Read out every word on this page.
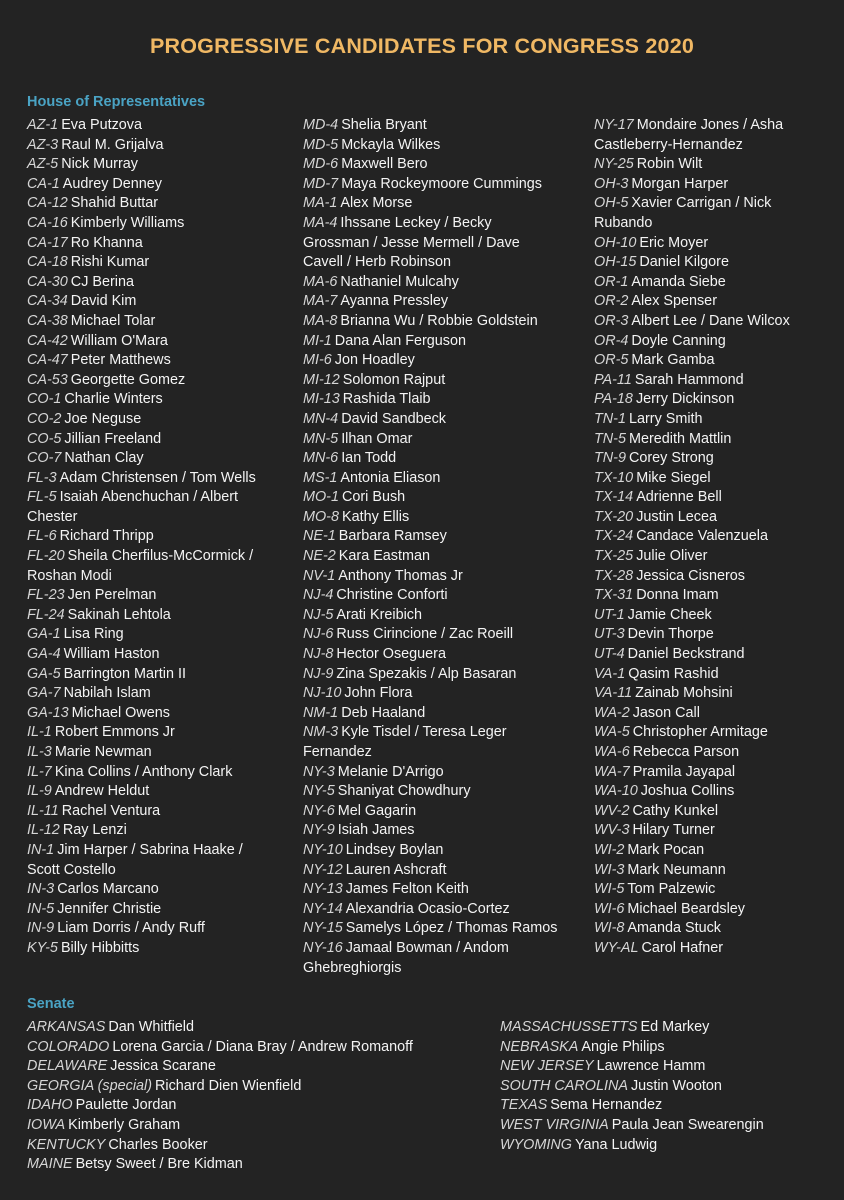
PROGRESSIVE CANDIDATES FOR CONGRESS 2020
House of Representatives
AZ-1 Eva Putzova
AZ-3 Raul M. Grijalva
AZ-5 Nick Murray
CA-1 Audrey Denney
CA-12 Shahid Buttar
CA-16 Kimberly Williams
CA-17 Ro Khanna
CA-18 Rishi Kumar
CA-30 CJ Berina
CA-34 David Kim
CA-38 Michael Tolar
CA-42 William O'Mara
CA-47 Peter Matthews
CA-53 Georgette Gomez
CO-1 Charlie Winters
CO-2 Joe Neguse
CO-5 Jillian Freeland
CO-7 Nathan Clay
FL-3 Adam Christensen / Tom Wells
FL-5 Isaiah Abenchuchan / Albert
Chester
FL-6 Richard Thripp
FL-20 Sheila Cherfilus-McCormick /
Roshan Modi
FL-23 Jen Perelman
FL-24 Sakinah Lehtola
GA-1 Lisa Ring
GA-4 William Haston
GA-5 Barrington Martin II
GA-7 Nabilah Islam
GA-13 Michael Owens
IL-1 Robert Emmons Jr
IL-3 Marie Newman
IL-7 Kina Collins / Anthony Clark
IL-9 Andrew Heldut
IL-11 Rachel Ventura
IL-12 Ray Lenzi
IN-1 Jim Harper / Sabrina Haake /
Scott Costello
IN-3 Carlos Marcano
IN-5 Jennifer Christie
IN-9 Liam Dorris / Andy Ruff
KY-5 Billy Hibbitts
MD-4 Shelia Bryant
MD-5 Mckayla Wilkes
MD-6 Maxwell Bero
MD-7 Maya Rockeymoore Cummings
MA-1 Alex Morse
MA-4 Ihssane Leckey / Becky
Grossman / Jesse Mermell / Dave
Cavell / Herb Robinson
MA-6 Nathaniel Mulcahy
MA-7 Ayanna Pressley
MA-8 Brianna Wu / Robbie Goldstein
MI-1 Dana Alan Ferguson
MI-6 Jon Hoadley
MI-12 Solomon Rajput
MI-13 Rashida Tlaib
MN-4 David Sandbeck
MN-5 Ilhan Omar
MN-6 Ian Todd
MS-1 Antonia Eliason
MO-1 Cori Bush
MO-8 Kathy Ellis
NE-1 Barbara Ramsey
NE-2 Kara Eastman
NV-1 Anthony Thomas Jr
NJ-4 Christine Conforti
NJ-5 Arati Kreibich
NJ-6 Russ Cirincione / Zac Roeill
NJ-8 Hector Oseguera
NJ-9 Zina Spezakis / Alp Basaran
NJ-10 John Flora
NM-1 Deb Haaland
NM-3 Kyle Tisdel / Teresa Leger
Fernandez
NY-3 Melanie D'Arrigo
NY-5 Shaniyat Chowdhury
NY-6 Mel Gagarin
NY-9 Isiah James
NY-10 Lindsey Boylan
NY-12 Lauren Ashcraft
NY-13 James Felton Keith
NY-14 Alexandria Ocasio-Cortez
NY-15 Samelys López / Thomas Ramos
NY-16 Jamaal Bowman / Andom
Ghebreghiorgis
NY-17 Mondaire Jones / Asha
Castleberry-Hernandez
NY-25 Robin Wilt
OH-3 Morgan Harper
OH-5 Xavier Carrigan / Nick
Rubando
OH-10 Eric Moyer
OH-15 Daniel Kilgore
OR-1 Amanda Siebe
OR-2 Alex Spenser
OR-3 Albert Lee / Dane Wilcox
OR-4 Doyle Canning
OR-5 Mark Gamba
PA-11 Sarah Hammond
PA-18 Jerry Dickinson
TN-1 Larry Smith
TN-5 Meredith Mattlin
TN-9 Corey Strong
TX-10 Mike Siegel
TX-14 Adrienne Bell
TX-20 Justin Lecea
TX-24 Candace Valenzuela
TX-25 Julie Oliver
TX-28 Jessica Cisneros
TX-31 Donna Imam
UT-1 Jamie Cheek
UT-3 Devin Thorpe
UT-4 Daniel Beckstrand
VA-1 Qasim Rashid
VA-11 Zainab Mohsini
WA-2 Jason Call
WA-5 Christopher Armitage
WA-6 Rebecca Parson
WA-7 Pramila Jayapal
WA-10 Joshua Collins
WV-2 Cathy Kunkel
WV-3 Hilary Turner
WI-2 Mark Pocan
WI-3 Mark Neumann
WI-5 Tom Palzewic
WI-6 Michael Beardsley
WI-8 Amanda Stuck
WY-AL Carol Hafner
Senate
ARKANSAS Dan Whitfield
COLORADO Lorena Garcia / Diana Bray / Andrew Romanoff
DELAWARE Jessica Scarane
GEORGIA (special) Richard Dien Wienfield
IDAHO Paulette Jordan
IOWA Kimberly Graham
KENTUCKY Charles Booker
MAINE Betsy Sweet / Bre Kidman
MASSACHUSSETTS Ed Markey
NEBRASKA Angie Philips
NEW JERSEY Lawrence Hamm
SOUTH CAROLINA Justin Wooton
TEXAS Sema Hernandez
WEST VIRGINIA Paula Jean Swearengin
WYOMING Yana Ludwig
